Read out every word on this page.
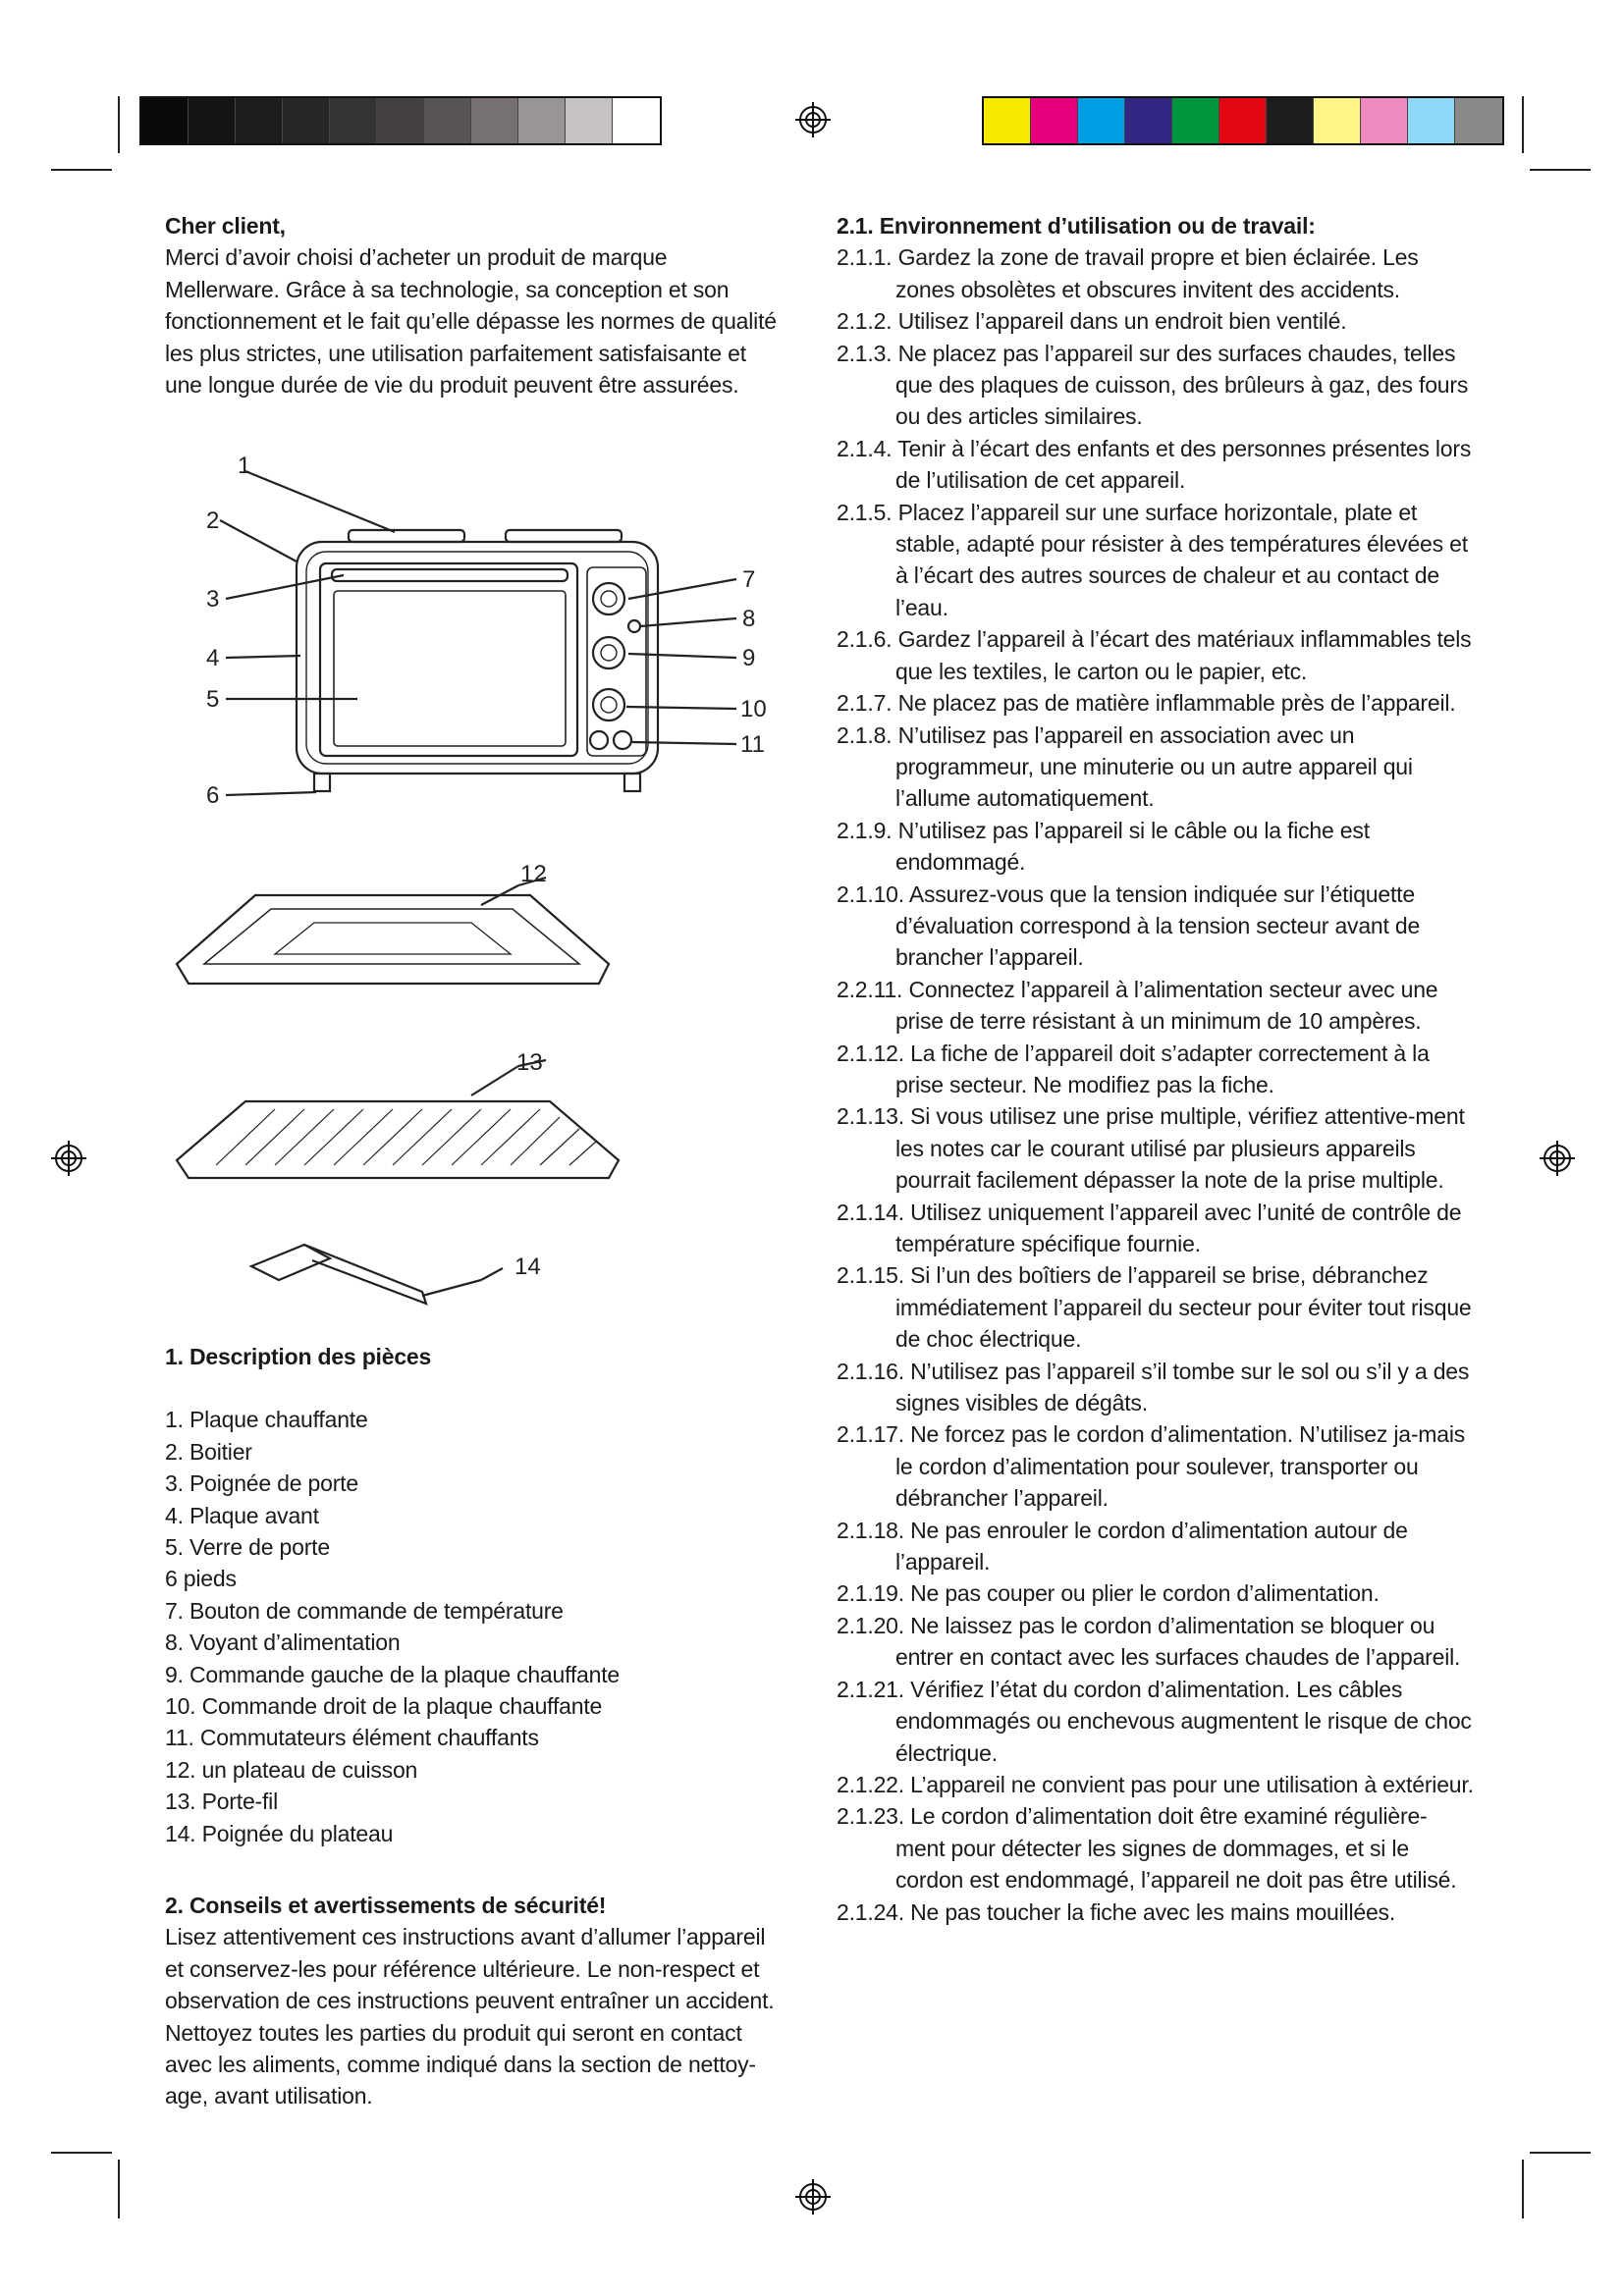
Cher client,

Merci d’avoir choisi d’acheter un produit de marque

Mellerware. Grâce à sa technologie, sa conception et son

fonctionnement et le fait qu’elle dépasse les normes de qualité

les plus strictes, une utilisation parfaitement satisfaisante et

une longue durée de vie du produit peuvent être assurées.

1
2
3
4
5
6
7
8
9
10
11
12
13
14
1. Description des pièces
1. Plaque chauffante
2. Boitier
3. Poignée de porte
4. Plaque avant
5. Verre de porte
6 pieds
7. Bouton de commande de température
8. Voyant d’alimentation
9. Commande gauche de la plaque chauffante
10. Commande droit de la plaque chauffante
11. Commutateurs élément chauffants
12. un plateau de cuisson
13. Porte-fil
14. Poignée du plateau
2. Conseils et avertissements de sécurité!

Lisez attentivement ces instructions avant d’allumer l’appareil

et conservez-les pour référence ultérieure. Le non-respect et

observation de ces instructions peuvent entraîner un accident.

Nettoyez toutes les parties du produit qui seront en contact

avec les aliments, comme indiqué dans la section de nettoy-

age, avant utilisation.

2.1. Environnement d’utilisation ou de travail:

2.1.1. Gardez la zone de travail propre et bien éclairée. Les zones obsolètes et obscures invitent des accidents.

2.1.2. Utilisez l’appareil dans un endroit bien ventilé.

2.1.3. Ne placez pas l’appareil sur des surfaces chaudes, telles que des plaques de cuisson, des brûleurs à gaz, des fours ou des articles similaires.

2.1.4. Tenir à l’écart des enfants et des personnes présentes lors de l’utilisation de cet appareil.

2.1.5. Placez l’appareil sur une surface horizontale, plate et stable, adapté pour résister à des températures élevées et à l’écart des autres sources de chaleur et au contact de l’eau.

2.1.6. Gardez l’appareil à l’écart des matériaux inflammables tels que les textiles, le carton ou le papier, etc.

2.1.7. Ne placez pas de matière inflammable près de l’appareil.

2.1.8. N’utilisez pas l’appareil en association avec un programmeur, une minuterie ou un autre appareil qui l’allume automatiquement.

2.1.9. N’utilisez pas l’appareil si le câble ou la fiche est endommagé.

2.1.10. Assurez-vous que la tension indiquée sur l’étiquette d’évaluation correspond à la tension secteur avant de brancher l’appareil.

2.2.11. Connectez l’appareil à l’alimentation secteur avec une prise de terre résistant à un minimum de 10 ampères.

2.1.12. La fiche de l’appareil doit s’adapter correctement à la prise secteur. Ne modifiez pas la fiche.

2.1.13. Si vous utilisez une prise multiple, vérifiez attentive-ment les notes car le courant utilisé par plusieurs appareils pourrait facilement dépasser la note de la prise multiple.

2.1.14. Utilisez uniquement l’appareil avec l’unité de contrôle de température spécifique fournie.

2.1.15. Si l’un des boîtiers de l’appareil se brise, débranchez immédiatement l’appareil du secteur pour éviter tout risque de choc électrique.

2.1.16. N’utilisez pas l’appareil s’il tombe sur le sol ou s’il y a des signes visibles de dégâts.

2.1.17. Ne forcez pas le cordon d’alimentation. N’utilisez ja-mais le cordon d’alimentation pour soulever, transporter ou débrancher l’appareil.

2.1.18. Ne pas enrouler le cordon d’alimentation autour de l’appareil.

2.1.19. Ne pas couper ou plier le cordon d’alimentation.

2.1.20. Ne laissez pas le cordon d’alimentation se bloquer ou entrer en contact avec les surfaces chaudes de l’appareil.

2.1.21. Vérifiez l’état du cordon d’alimentation. Les câbles endommagés ou enchevous augmentent le risque de choc électrique.

2.1.22. L’appareil ne convient pas pour une utilisation à extérieur.

2.1.23. Le cordon d’alimentation doit être examiné régulière-ment pour détecter les signes de dommages, et si le cordon est endommagé, l’appareil ne doit pas être utilisé.

2.1.24. Ne pas toucher la fiche avec les mains mouillées.
